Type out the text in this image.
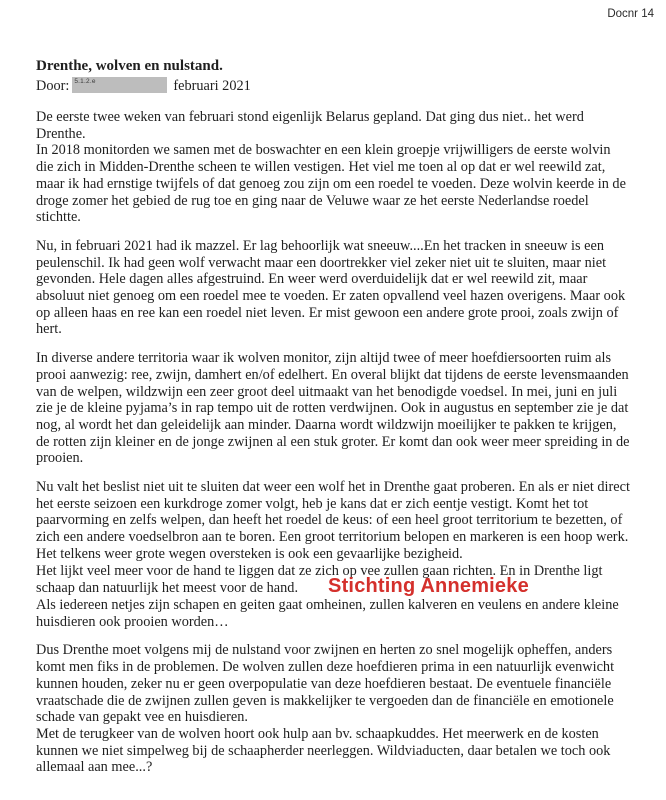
Docnr 14
Drenthe, wolven en nulstand.
Door: 5.1.2.e	februari 2021

De eerste twee weken van februari stond eigenlijk Belarus gepland. Dat ging dus niet.. het werd Drenthe.
In 2018 monitorden we samen met de boswachter en een klein groepje vrijwilligers de eerste wolvin die zich in Midden-Drenthe scheen te willen vestigen. Het viel me toen al op dat er wel reewild zat, maar ik had ernstige twijfels of dat genoeg zou zijn om een roedel te voeden. Deze wolvin keerde in de droge zomer het gebied de rug toe en ging naar de Veluwe waar ze het eerste Nederlandse roedel stichtte.

Nu, in februari 2021 had ik mazzel. Er lag behoorlijk wat sneeuw....En het tracken in sneeuw is een peulenschil. Ik had geen wolf verwacht maar een doortrekker viel zeker niet uit te sluiten, maar niet gevonden. Hele dagen alles afgestruind. En weer werd overduidelijk dat er wel reewild zit, maar absoluut niet genoeg om een roedel mee te voeden. Er zaten opvallend veel hazen overigens. Maar ook op alleen haas en ree kan een roedel niet leven. Er mist gewoon een andere grote prooi, zoals zwijn of hert.

In diverse andere territoria waar ik wolven monitor, zijn altijd twee of meer hoefdiersoorten ruim als prooi aanwezig: ree, zwijn, damhert en/of edelhert. En overal blijkt dat tijdens de eerste levensmaanden van de welpen, wildzwijn een zeer groot deel uitmaakt van het benodigde voedsel. In mei, juni en juli zie je de kleine pyjama’s in rap tempo uit de rotten verdwijnen. Ook in augustus en september zie je dat nog, al wordt het dan geleidelijk aan minder. Daarna wordt wildzwijn moeilijker te pakken te krijgen, de rotten zijn kleiner en de jonge zwijnen al een stuk groter. Er komt dan ook weer meer spreiding in de prooien.

Nu valt het beslist niet uit te sluiten dat weer een wolf het in Drenthe gaat proberen. En als er niet direct het eerste seizoen een kurkdroge zomer volgt, heb je kans dat er zich eentje vestigt. Komt het tot paarvorming en zelfs welpen, dan heeft het roedel de keus: of een heel groot territorium te bezetten, of zich een andere voedselbron aan te boren. Een groot territorium belopen en markeren is een hoop werk. Het telkens weer grote wegen oversteken is ook een gevaarlijke bezigheid.
Het lijkt veel meer voor de hand te liggen dat ze zich op vee zullen gaan richten. En in Drenthe ligt schaap dan natuurlijk het meest voor de hand. Stichting Annemieke
Als iedereen netjes zijn schapen en geiten gaat omheinen, zullen kalveren en veulens en andere kleine huisdieren ook prooien worden…

Dus Drenthe moet volgens mij de nulstand voor zwijnen en herten zo snel mogelijk opheffen, anders komt men fiks in de problemen. De wolven zullen deze hoefdieren prima in een natuurlijk evenwicht kunnen houden, zeker nu er geen overpopulatie van deze hoefdieren bestaat. De eventuele financiële vraatschade die de zwijnen zullen geven is makkelijker te vergoeden dan de financiële en emotionele schade van gepakt vee en huisdieren.
Met de terugkeer van de wolven hoort ook hulp aan bv. schaapkuddes. Het meerwerk en de kosten kunnen we niet simpelweg bij de schaapherder neerleggen. Wildviaducten, daar betalen we toch ook allemaal aan mee...?
